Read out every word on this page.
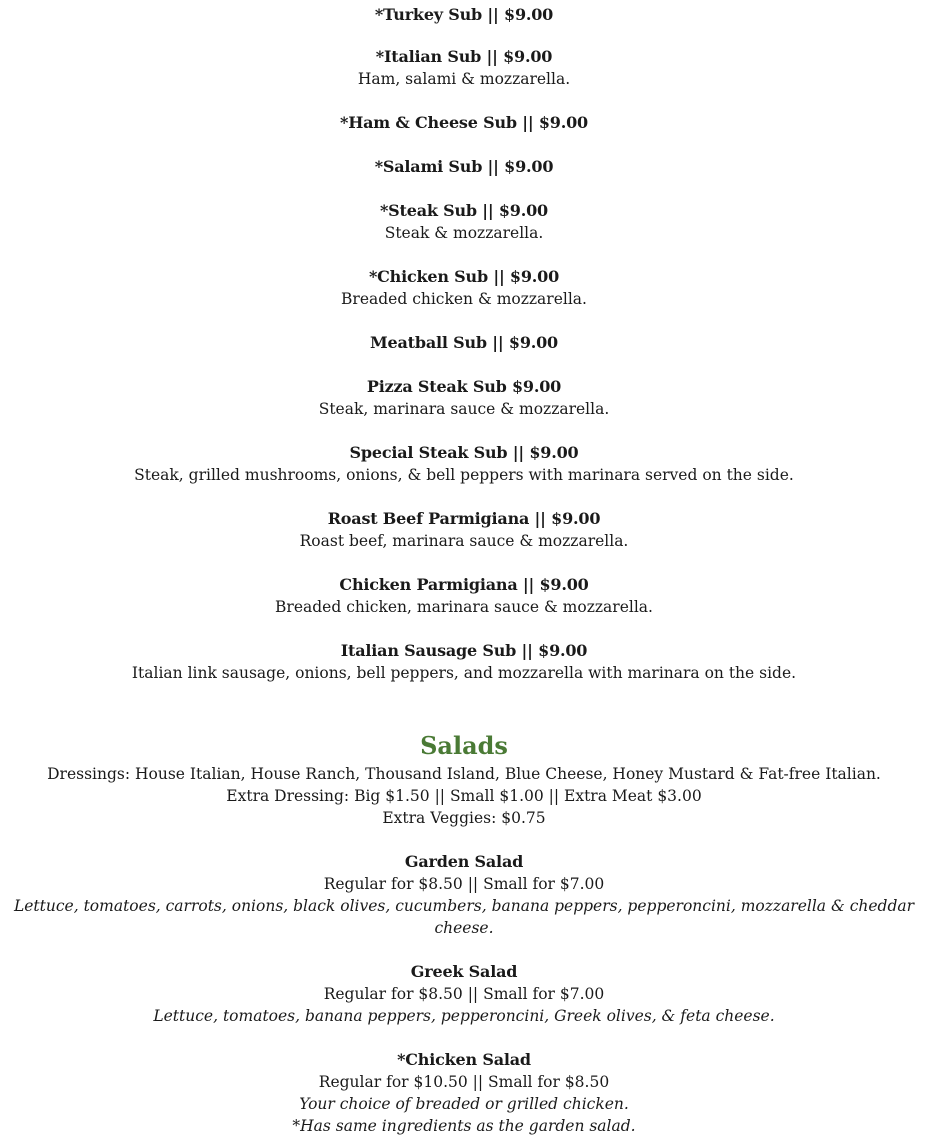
*Turkey Sub || $9.00
*Italian Sub || $9.00
Ham, salami & mozzarella.
*Ham & Cheese Sub || $9.00
*Salami Sub || $9.00
*Steak Sub || $9.00
Steak & mozzarella.
*Chicken Sub || $9.00
Breaded chicken & mozzarella.
Meatball Sub || $9.00
Pizza Steak Sub $9.00
Steak, marinara sauce & mozzarella.
Special Steak Sub || $9.00
Steak, grilled mushrooms, onions, & bell peppers with marinara served on the side.
Roast Beef Parmigiana || $9.00
Roast beef, marinara sauce & mozzarella.
Chicken Parmigiana || $9.00
Breaded chicken, marinara sauce & mozzarella.
Italian Sausage Sub || $9.00
Italian link sausage, onions, bell peppers, and mozzarella with marinara on the side.
Salads
Dressings: House Italian, House Ranch, Thousand Island, Blue Cheese, Honey Mustard & Fat-free Italian.
Extra Dressing: Big $1.50 || Small $1.00 || Extra Meat $3.00
Extra Veggies: $0.75
Garden Salad
Regular for $8.50 || Small for $7.00
Lettuce, tomatoes, carrots, onions, black olives, cucumbers, banana peppers, pepperoncini, mozzarella & cheddar
cheese.
Greek Salad
Regular for $8.50 || Small for $7.00
Lettuce, tomatoes, banana peppers, pepperoncini, Greek olives, & feta cheese.
*Chicken Salad
Regular for $10.50 || Small for $8.50
Your choice of breaded or grilled chicken.
*Has same ingredients as the garden salad.
